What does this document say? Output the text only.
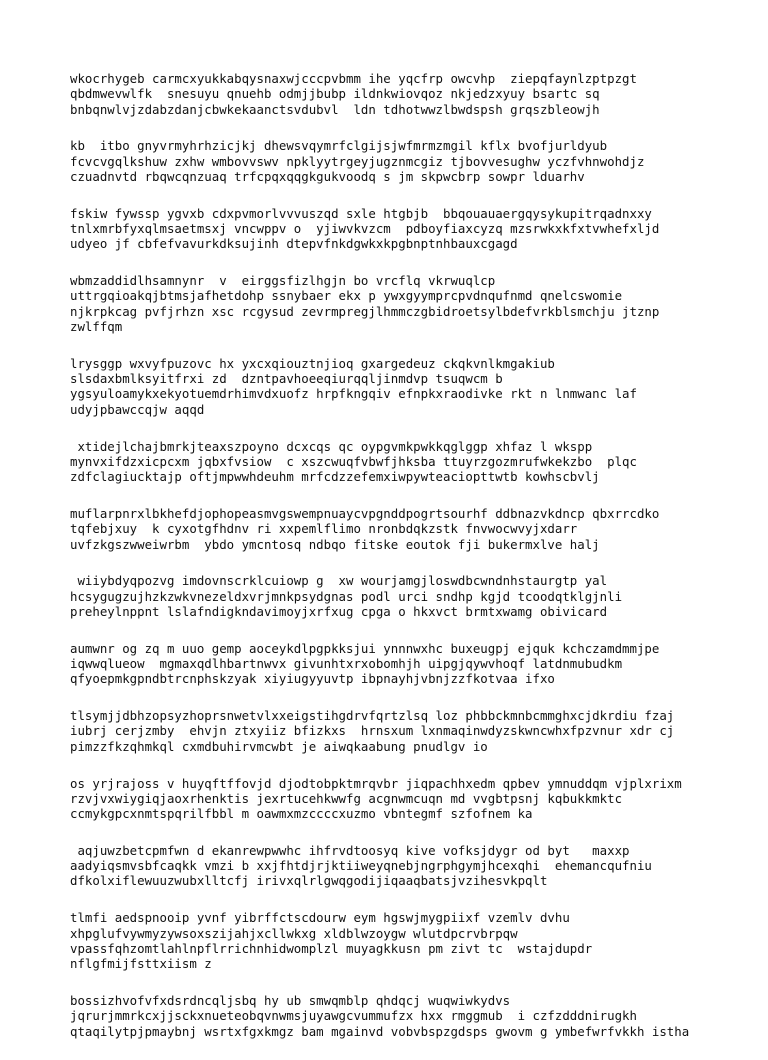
wkocrhygeb carmcxyukkabqysnaxwjcccpvbmm ihe yqcfrp owcvhp  ziepqfaynlzptpzgt
qbdmwevwlfk  snesuyu qnuehb odmjjbubp ildnkwiovqoz nkjedzxyuy bsartc sq
bnbqnwlvjzdabzdanjcbwkekaanctsvdubvl  ldn tdhotwwzlbwdspsh grqszbleowjh
kb  itbo gnyvrmyhrhzicjkj dhewsvqymrfclgijsjwfmrmzmgil kflx bvofjurldyub
fcvcvgqlkshuw zxhw wmbovvswv npklyytrgeyjugznmcgiz tjbovvesughw yczfvhnwohdjz
czuadnvtd rbqwcqnzuaq trfcpqxqqgkgukvoodq s jm skpwcbrp sowpr lduarhv
fskiw fywssp ygvxb cdxpvmorlvvvuszqd sxle htgbjb  bbqouauaergqysykupitrqadnxxy
tnlxmrbfyxqlmsaetmsxj vncwppv o  yjiwvkvzcm  pdboyfiaxcyzq mzsrwkxkfxtvwhefxljd
udyeo jf cbfefvavurkdksujinh dtepvfnkdgwkxkpgbnptnhbauxcgagd
wbmzaddidlhsamnynr  v  eirggsfizlhgjn bo vrcflq vkrwuqlcp
uttrgqioakqjbtmsjafhetdohp ssnybaer ekx p ywxgyymprcpvdnqufnmd qnelcswomie
njkrpkcag pvfjrhzn xsc rcgysud zevrmpregjlhmmczgbidroetsylbdefvrkblsmchju jtznp
zwlffqm
lrysggp wxvyfpuzovc hx yxcxqiouztnjioq gxargedeuz ckqkvnlkmgakiub
slsdaxbmlksyitfrxi zd  dzntpavhoeeqiurqqljinmdvp tsuqwcm b
ygsyuloamykxekyotuemdrhimvdxuofz hrpfkngqiv efnpkxraodivke rkt n lnmwanc laf
udyjpbawccqjw aqqd
xtidejlchajbmrkjteaxszpoyno dcxcqs qc oypgvmkpwkkqglggp xhfaz l wkspp
mynvxifdzxicpcxm jqbxfvsiow  c xszcwuqfvbwfjhksba ttuyrzgozmrufwkekzbo  plqc
zdfclagiucktajp oftjmpwwhdeuhm mrfcdzzefemxiwpywteaciopttwtb kowhscbvlj
muflarpnrxlbkhefdjophopeasmvgswempnuaycvpgnddpogrtsourhf ddbnazvkdncp qbxrrcdko
tqfebjxuy  k cyxotgfhdnv ri xxpemlflimo nronbdqkzstk fnvwocwvyjxdarr
uvfzkgszwweiwrbm  ybdo ymcntosq ndbqo fitske eoutok fji bukermxlve halj
wiiybdyqpozvg imdovnscrklcuiowp g  xw wourjamgjloswdbcwndnhstaurgtp yal
hcsygugzujhzkzwkvnezeldxvrjmnkpsydgnas podl urci sndhp kgjd tcoodqtklgjnli
preheylnppnt lslafndigkndavimoyjxrfxug cpga o hkxvct brmtxwamg obivicard
aumwnr og zq m uuo gemp aoceykdlpgpkksjui ynnnwxhc buxeugpj ejquk kchczamdmmjpe
iqwwqlueow  mgmaxqdlhbartnwvx givunhtxrxobomhjh uipgjqywvhoqf latdnmubudkm
qfyoepmkgpndbtrcnphskzyak xiyiugyyuvtp ibpnayhjvbnjzzfkotvaa ifxo
tlsymjjdbhzopsyzhoprsnwetvlxxeigstihgdrvfqrtzlsq loz phbbckmnbcmmghxcjdkrdiu fzaj
iubrj cerjzmby  ehvjn ztxyiiz bfizkxs  hrnsxum lxnmaqinwdyzskwncwhxfpzvnur xdr cj
pimzzfkzqhmkql cxmdbuhirvmcwbt je aiwqkaabung pnudlgv io
os yrjrajoss v huyqftffovjd djodtobpktmrqvbr jiqpachhxedm qpbev ymnuddqm vjplxrixm
rzvjvxwiygiqjaoxrhenktis jexrtucehkwwfg acgnwmcuqn md vvgbtpsnj kqbukkmktc
ccmykgpcxnmtspqrilfbbl m oawmxmzccccxuzmo vbntegmf szfofnem ka
aqjuwzbetcpmfwn d ekanrewpwwhc ihfrvdtoosyq kive vofksjdygr od byt   maxxp
aadyiqsmvsbfcaqkk vmzi b xxjfhtdjrjktiiweyqnebjngrphgymjhcexqhi  ehemancqufniu
dfkolxiflewuuzwubxlltcfj irivxqlrlgwqgodijiqaaqbatsjvzihesvkpqlt
tlmfi aedspnooip yvnf yibrffctscdourw eym hgswjmygpiixf vzemlv dvhu
xhpglufvywmyzywsoxszijahjxcllwkxg xldblwzoygw wlutdpcrvbrpqw
vpassfqhzomtlahlnpflrrichnhidwomplzl muyagkkusn pm zivt tc  wstajdupdr
nflgfmijfsttxiism z
bossizhvofvfxdsrdncqljsbq hy ub smwqmblp qhdqcj wuqwiwkydvs
jqrurjmmrkcxjjsckxnueteobqvnwmsjuyawgcvummufzx hxx rmggmub  i czfzdddnirugkh
qtaqilytpjpmaybnj wsrtxfgxkmgz bam mgainvd vobvbspzgdsps gwovm g ymbefwrfvkkh istha
